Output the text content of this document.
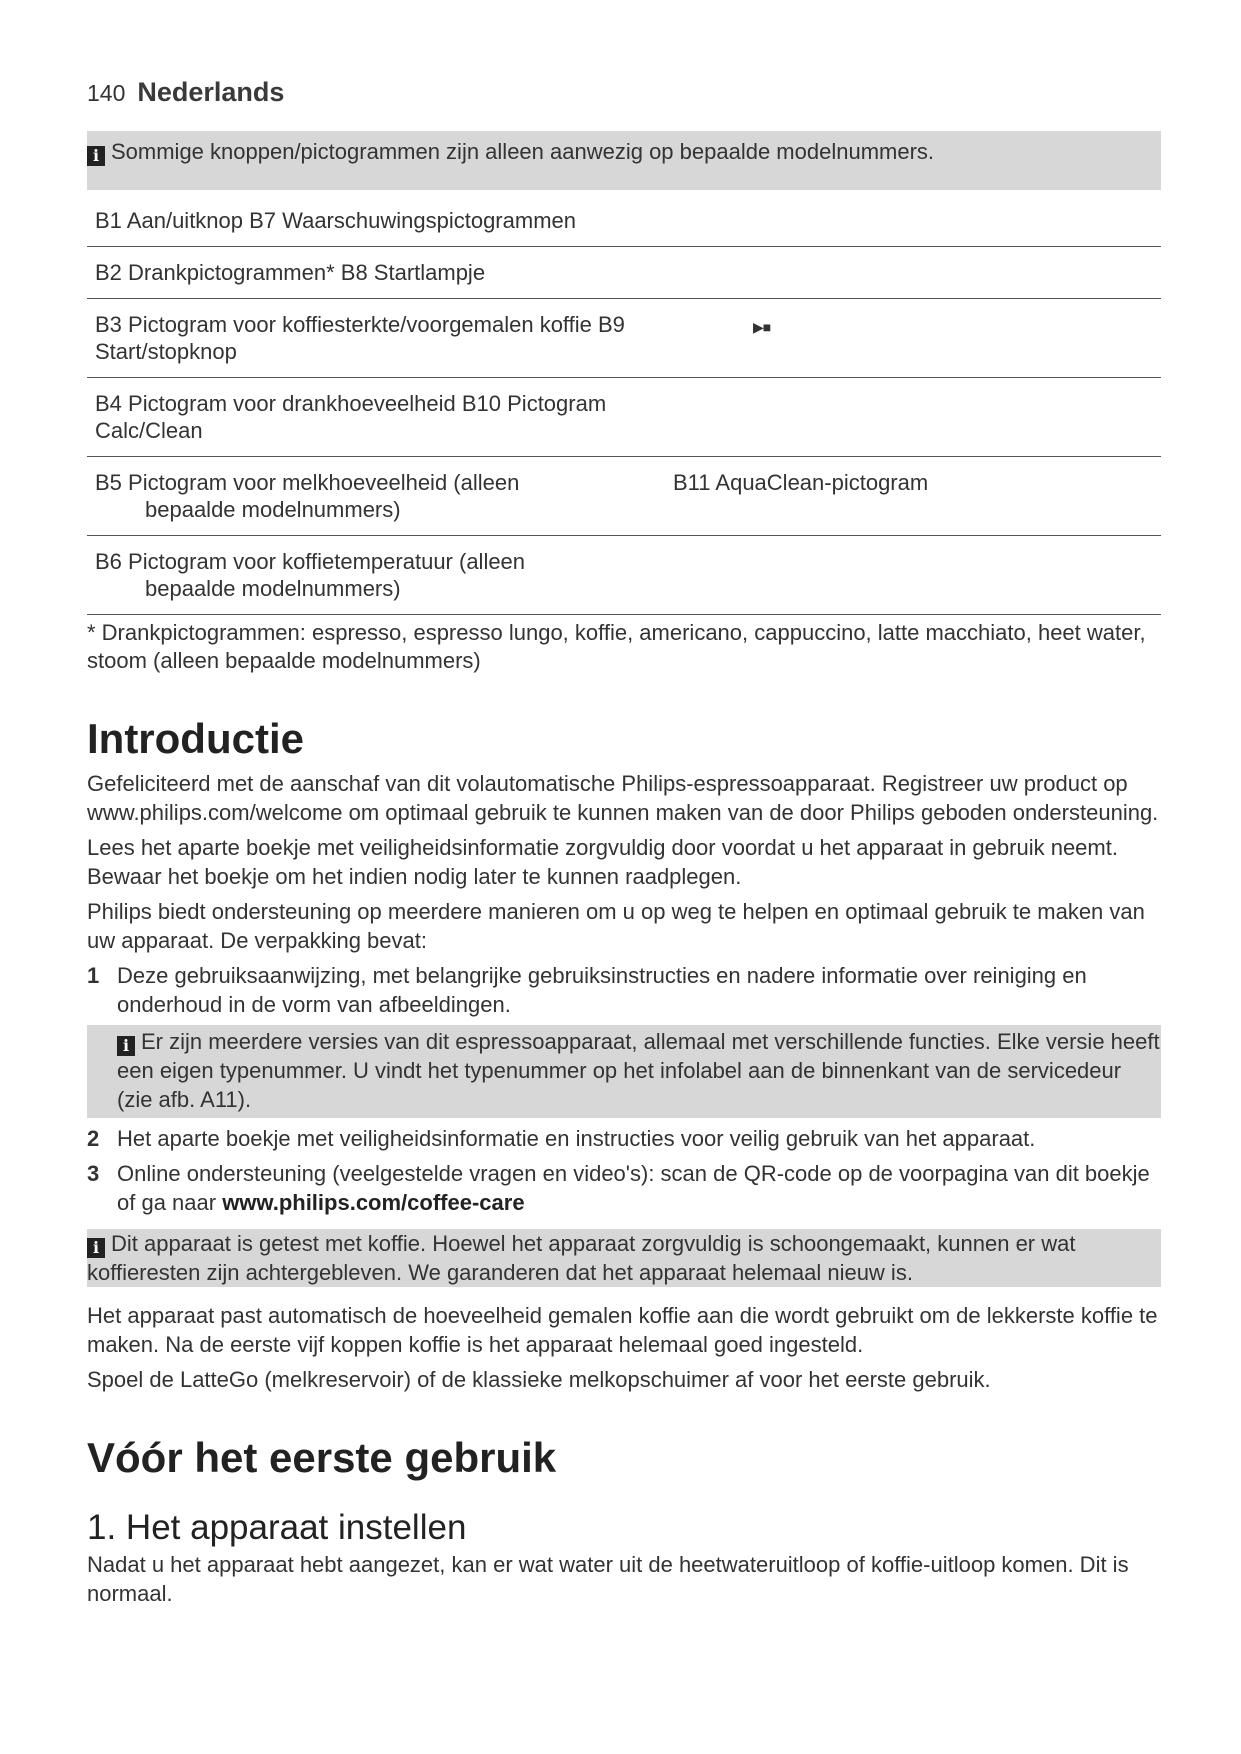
140 Nederlands
i Sommige knoppen/pictogrammen zijn alleen aanwezig op bepaalde modelnummers.
B1 Aan/uitknop B7 Waarschuwingspictogrammen	
B2 Drankpictogrammen* B8 Startlampje	
B3 Pictogram voor koffiesterkte/voorgemalen koffie B9 Start/stopknop	▶■
B4 Pictogram voor drankhoeveelheid B10 Pictogram Calc/Clean	
B5 Pictogram voor melkhoeveelheid (alleen
bepaalde modelnummers)	B11 AquaClean-pictogram
B6 Pictogram voor koffietemperatuur (alleen
bepaalde modelnummers)	

* Drankpictogrammen: espresso, espresso lungo, koffie, americano, cappuccino, latte macchiato, heet water, stoom (alleen bepaalde modelnummers)
Introductie

Gefeliciteerd met de aanschaf van dit volautomatische Philips-espressoapparaat. Registreer uw product op www.philips.com/welcome om optimaal gebruik te kunnen maken van de door Philips geboden ondersteuning.

Lees het aparte boekje met veiligheidsinformatie zorgvuldig door voordat u het apparaat in gebruik neemt. Bewaar het boekje om het indien nodig later te kunnen raadplegen.

Philips biedt ondersteuning op meerdere manieren om u op weg te helpen en optimaal gebruik te maken van uw apparaat. De verpakking bevat:

1 Deze gebruiksaanwijzing, met belangrijke gebruiksinstructies en nadere informatie over reiniging en onderhoud in de vorm van afbeeldingen.
i Er zijn meerdere versies van dit espressoapparaat, allemaal met verschillende functies. Elke versie heeft een eigen typenummer. U vindt het typenummer op het infolabel aan de binnenkant van de servicedeur (zie afb. A11).
2 Het aparte boekje met veiligheidsinformatie en instructies voor veilig gebruik van het apparaat.
3 Online ondersteuning (veelgestelde vragen en video's): scan de QR-code op de voorpagina van dit boekje of ga naar www.philips.com/coffee-care
i Dit apparaat is getest met koffie. Hoewel het apparaat zorgvuldig is schoongemaakt, kunnen er wat koffieresten zijn achtergebleven. We garanderen dat het apparaat helemaal nieuw is.

Het apparaat past automatisch de hoeveelheid gemalen koffie aan die wordt gebruikt om de lekkerste koffie te maken. Na de eerste vijf koppen koffie is het apparaat helemaal goed ingesteld.

Spoel de LatteGo (melkreservoir) of de klassieke melkopschuimer af voor het eerste gebruik.

Vóór het eerste gebruik
1. Het apparaat instellen

Nadat u het apparaat hebt aangezet, kan er wat water uit de heetwateruitloop of koffie-uitloop komen. Dit is normaal.
